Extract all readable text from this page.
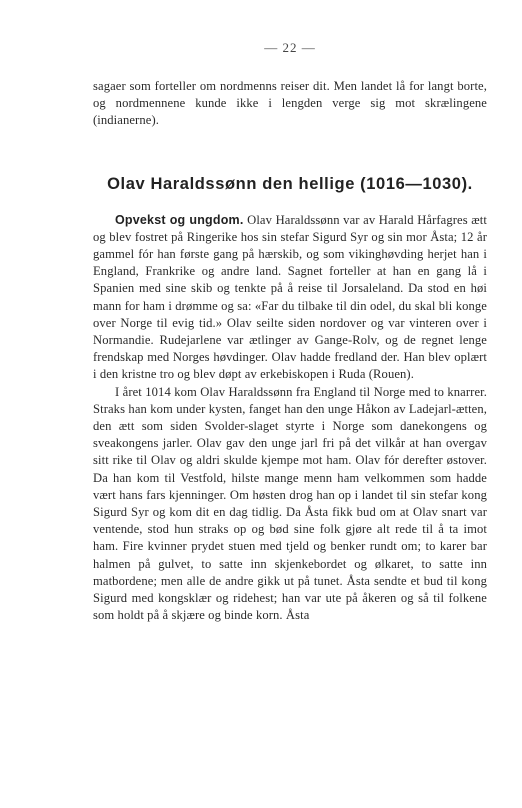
— 22 —

sagaer som forteller om nordmenns reiser dit. Men landet lå for langt borte, og nordmennene kunde ikke i lengden verge sig mot skrælingene (indianerne).

Olav Haraldssønn den hellige (1016—1030).

Opvekst og ungdom. Olav Haraldssønn var av Harald Hårfagres ætt og blev fostret på Ringerike hos sin stefar Sigurd Syr og sin mor Åsta; 12 år gammel fór han første gang på hærskib, og som vikinghøvding herjet han i England, Frankrike og andre land. Sagnet forteller at han en gang lå i Spanien med sine skib og tenkte på å reise til Jorsaleland. Da stod en høi mann for ham i drømme og sa: «Far du tilbake til din odel, du skal bli konge over Norge til evig tid.» Olav seilte siden nordover og var vinteren over i Normandie. Rudejarlene var ætlinger av Gange-Rolv, og de regnet lenge frendskap med Norges høvdinger. Olav hadde fredland der. Han blev oplært i den kristne tro og blev døpt av erkebiskopen i Ruda (Rouen).

I året 1014 kom Olav Haraldssønn fra England til Norge med to knarrer. Straks han kom under kysten, fanget han den unge Håkon av Ladejarl-ætten, den ætt som siden Svolder-slaget styrte i Norge som danekongens og sveakongens jarler. Olav gav den unge jarl fri på det vilkår at han overgav sitt rike til Olav og aldri skulde kjempe mot ham. Olav fór derefter østover. Da han kom til Vestfold, hilste mange menn ham velkommen som hadde vært hans fars kjenninger. Om høsten drog han op i landet til sin stefar kong Sigurd Syr og kom dit en dag tidlig. Da Åsta fikk bud om at Olav snart var ventende, stod hun straks op og bød sine folk gjøre alt rede til å ta imot ham. Fire kvinner prydet stuen med tjeld og benker rundt om; to karer bar halmen på gulvet, to satte inn skjenkebordet og ølkaret, to satte inn matbordene; men alle de andre gikk ut på tunet. Åsta sendte et bud til kong Sigurd med kongsklær og ridehest; han var ute på åkeren og så til folkene som holdt på å skjære og binde korn. Åsta
